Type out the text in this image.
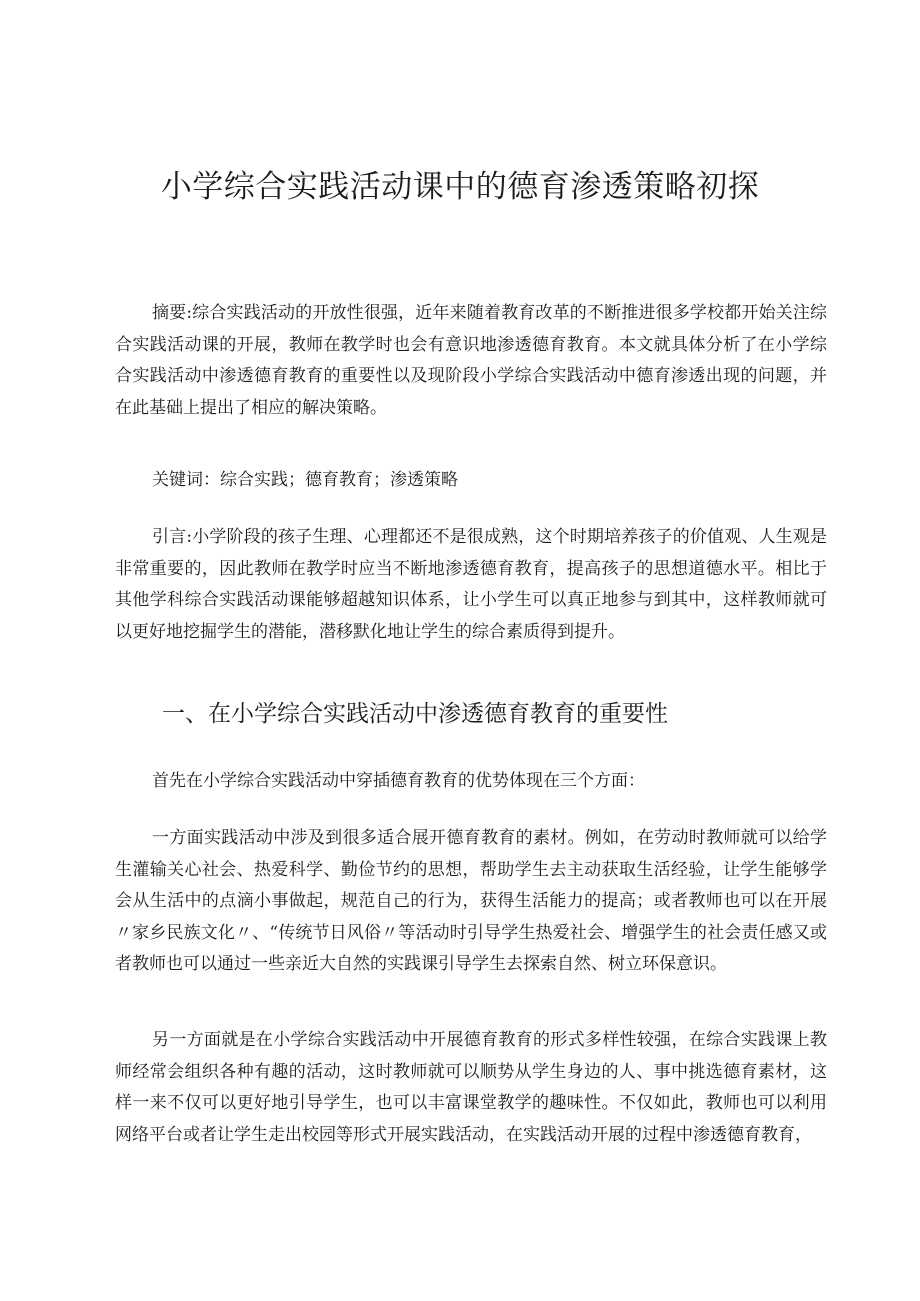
小学综合实践活动课中的德育渗透策略初探

摘要:综合实践活动的开放性很强，近年来随着教育改革的不断推进很多学校都开始关注综合实践活动课的开展，教师在教学时也会有意识地渗透德育教育。本文就具体分析了在小学综合实践活动中渗透德育教育的重要性以及现阶段小学综合实践活动中德育渗透出现的问题，并在此基础上提出了相应的解决策略。

关键词：综合实践；德育教育；渗透策略

引言:小学阶段的孩子生理、心理都还不是很成熟，这个时期培养孩子的价值观、人生观是非常重要的，因此教师在教学时应当不断地渗透德育教育，提高孩子的思想道德水平。相比于其他学科综合实践活动课能够超越知识体系，让小学生可以真正地参与到其中，这样教师就可以更好地挖掘学生的潜能，潜移默化地让学生的综合素质得到提升。

一、在小学综合实践活动中渗透德育教育的重要性

首先在小学综合实践活动中穿插德育教育的优势体现在三个方面：

一方面实践活动中涉及到很多适合展开德育教育的素材。例如，在劳动时教师就可以给学生灌输关心社会、热爱科学、勤俭节约的思想，帮助学生去主动获取生活经验，让学生能够学会从生活中的点滴小事做起，规范自己的行为，获得生活能力的提高；或者教师也可以在开展〃家乡民族文化〃、“传统节日风俗〃等活动时引导学生热爱社会、增强学生的社会责任感又或者教师也可以通过一些亲近大自然的实践课引导学生去探索自然、树立环保意识。

另一方面就是在小学综合实践活动中开展德育教育的形式多样性较强，在综合实践课上教师经常会组织各种有趣的活动，这时教师就可以顺势从学生身边的人、事中挑选德育素材，这样一来不仅可以更好地引导学生，也可以丰富课堂教学的趣味性。不仅如此，教师也可以利用网络平台或者让学生走出校园等形式开展实践活动，在实践活动开展的过程中渗透德育教育，
